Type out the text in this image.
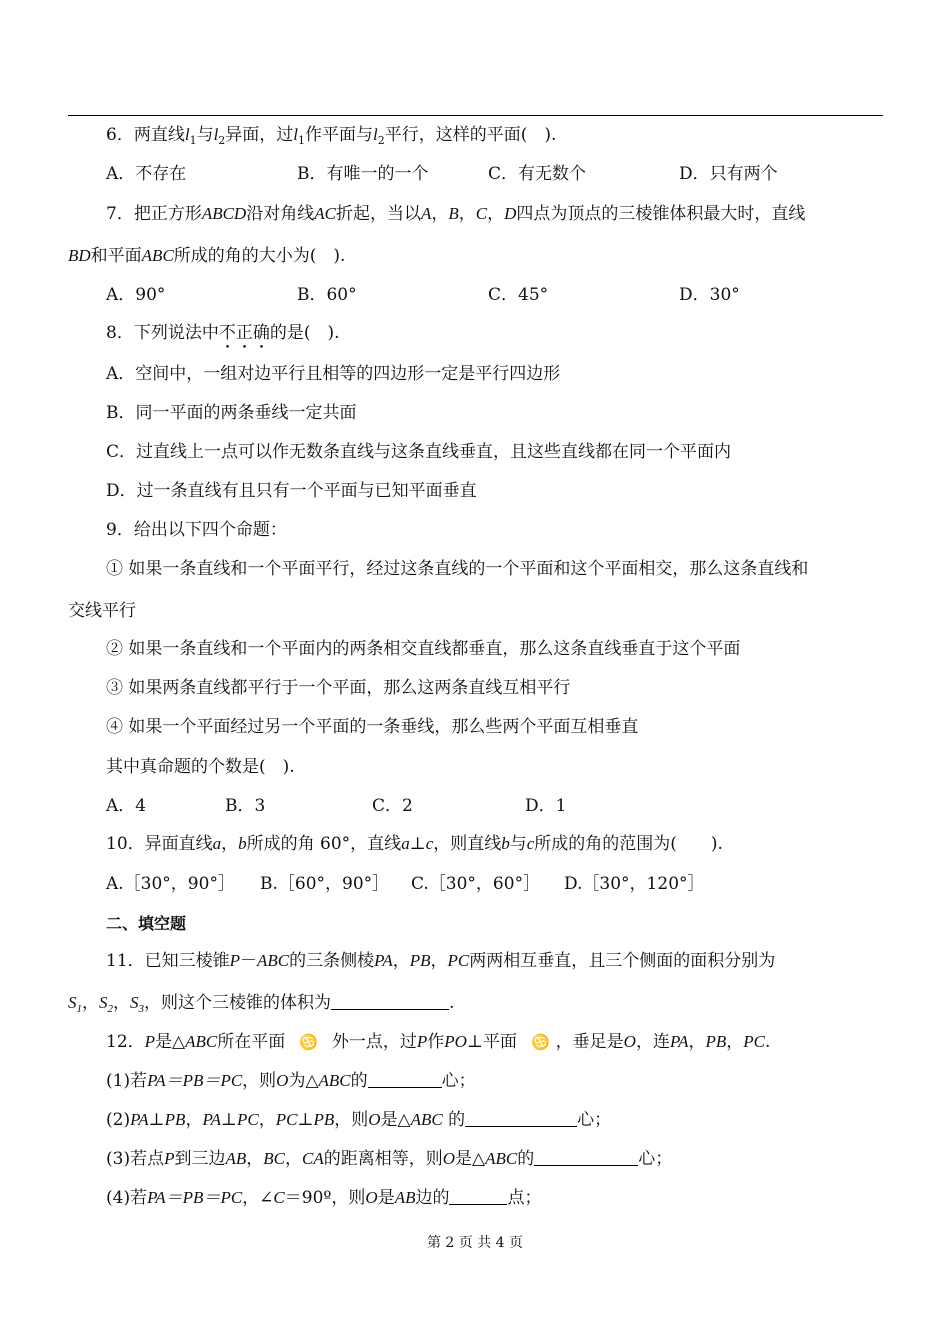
6．两直线$l_1$与$l_2$异面，过$l_1$作平面与$l_2$平行，这样的平面(　).
A．不存在	B．有唯一的一个	C．有无数个	D．只有两个
7．把正方形ABCD沿对角线AC折起，当以A，B，C，D四点为顶点的三棱锥体积最大时，直线
BD和平面ABC所成的角的大小为(　).
A．90°	B．60°	C．45°	D．30°
8．下列说法中不正确的是(　).
A．空间中，一组对边平行且相等的四边形一定是平行四边形
B．同一平面的两条垂线一定共面
C．过直线上一点可以作无数条直线与这条直线垂直，且这些直线都在同一个平面内
D．过一条直线有且只有一个平面与已知平面垂直
9．给出以下四个命题：
① 如果一条直线和一个平面平行，经过这条直线的一个平面和这个平面相交，那么这条直线和
交线平行
② 如果一条直线和一个平面内的两条相交直线都垂直，那么这条直线垂直于这个平面
③ 如果两条直线都平行于一个平面，那么这两条直线互相平行
④ 如果一个平面经过另一个平面的一条垂线，那么些两个平面互相垂直
其中真命题的个数是(　).
A．4	B．3	C．2	D．1
10．异面直线a，b所成的角 60°，直线a⊥c，则直线b与c所成的角的范围为(　　).
A.［30°，90°］ B.［60°，90°］ C.［30°，60°］ D.［30°，120°］
二、填空题
11．已知三棱锥P－ABC的三条侧棱PA，PB，PC两两相互垂直，且三个侧面的面积分别为
$S_1$，$S_2$，$S_3$，则这个三棱锥的体积为	.
12．P是△ABC所在平面 ♋ 外一点，过P作PO⊥平面 ♋ ，垂足是O，连PA，PB，PC.
(1)若PA＝PB＝PC，则O为△ABC的	心；
(2)PA⊥PB，PA⊥PC，PC⊥PB，则O是△ABC 的	心；
(3)若点P到三边AB，BC，CA的距离相等，则O是△ABC的	心；
(4)若PA＝PB＝PC，∠C＝90º，则O是AB边的	点；
第 2 页 共 4 页
